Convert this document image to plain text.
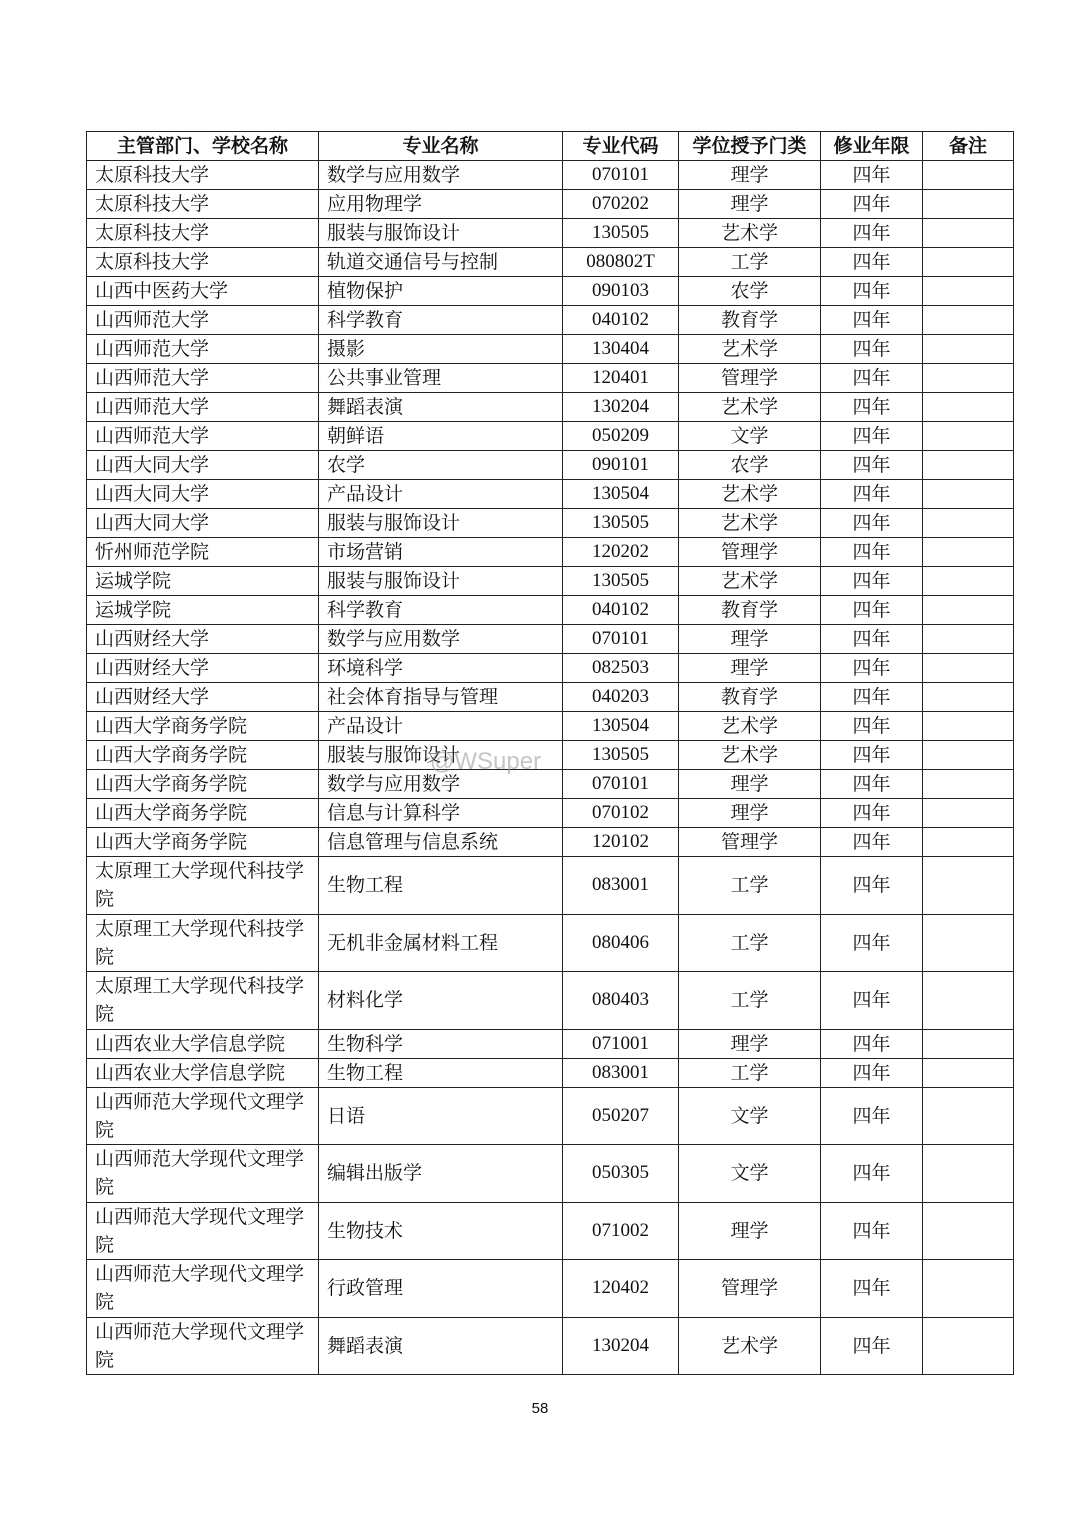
主管部门、学校名称	专业名称	专业代码	学位授予门类	修业年限	备注
太原科技大学	数学与应用数学	070101	理学	四年	
太原科技大学	应用物理学	070202	理学	四年	
太原科技大学	服装与服饰设计	130505	艺术学	四年	
太原科技大学	轨道交通信号与控制	080802T	工学	四年	
山西中医药大学	植物保护	090103	农学	四年	
山西师范大学	科学教育	040102	教育学	四年	
山西师范大学	摄影	130404	艺术学	四年	
山西师范大学	公共事业管理	120401	管理学	四年	
山西师范大学	舞蹈表演	130204	艺术学	四年	
山西师范大学	朝鲜语	050209	文学	四年	
山西大同大学	农学	090101	农学	四年	
山西大同大学	产品设计	130504	艺术学	四年	
山西大同大学	服装与服饰设计	130505	艺术学	四年	
忻州师范学院	市场营销	120202	管理学	四年	
运城学院	服装与服饰设计	130505	艺术学	四年	
运城学院	科学教育	040102	教育学	四年	
山西财经大学	数学与应用数学	070101	理学	四年	
山西财经大学	环境科学	082503	理学	四年	
山西财经大学	社会体育指导与管理	040203	教育学	四年	
山西大学商务学院	产品设计	130504	艺术学	四年	
山西大学商务学院	服装与服饰设计	130505	艺术学	四年	
山西大学商务学院	数学与应用数学	070101	理学	四年	
山西大学商务学院	信息与计算科学	070102	理学	四年	
山西大学商务学院	信息管理与信息系统	120102	管理学	四年	
太原理工大学现代科技学院	生物工程	083001	工学	四年	
太原理工大学现代科技学院	无机非金属材料工程	080406	工学	四年	
太原理工大学现代科技学院	材料化学	080403	工学	四年	
山西农业大学信息学院	生物科学	071001	理学	四年	
山西农业大学信息学院	生物工程	083001	工学	四年	
山西师范大学现代文理学院	日语	050207	文学	四年	
山西师范大学现代文理学院	编辑出版学	050305	文学	四年	
山西师范大学现代文理学院	生物技术	071002	理学	四年	
山西师范大学现代文理学院	行政管理	120402	管理学	四年	
山西师范大学现代文理学院	舞蹈表演	130204	艺术学	四年	
@WSuper
58
